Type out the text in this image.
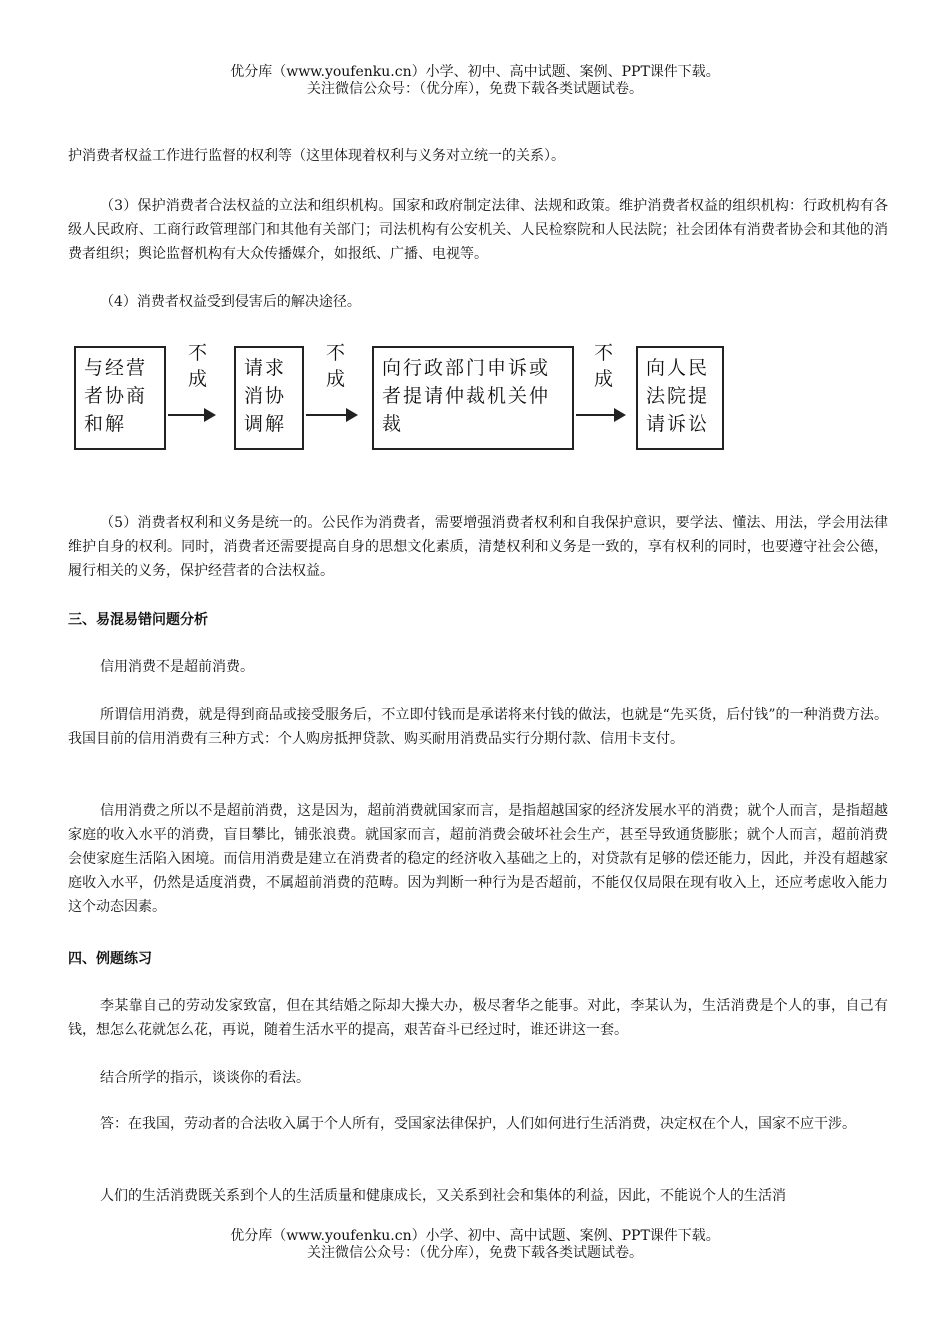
优分库（www.youfenku.cn）小学、初中、高中试题、案例、PPT课件下载。
关注微信公众号：（优分库），免费下载各类试题试卷。

护消费者权益工作进行监督的权利等（这里体现着权利与义务对立统一的关系）。

（3）保护消费者合法权益的立法和组织机构。国家和政府制定法律、法规和政策。维护消费者权益的组织机构：行政机构有各级人民政府、工商行政管理部门和其他有关部门；司法机构有公安机关、人民检察院和人民法院；社会团体有消费者协会和其他的消费者组织；舆论监督机构有大众传播媒介，如报纸、广播、电视等。

（4）消费者权益受到侵害后的解决途径。

与经营者协商和解
不成	请求消协调解
不成	向行政部门申诉或者提请仲裁机关仲裁
不成	向人民法院提请诉讼

（5）消费者权利和义务是统一的。公民作为消费者，需要增强消费者权利和自我保护意识，要学法、懂法、用法，学会用法律维护自身的权利。同时，消费者还需要提高自身的思想文化素质，清楚权利和义务是一致的，享有权利的同时，也要遵守社会公德，履行相关的义务，保护经营者的合法权益。

三、易混易错问题分析

信用消费不是超前消费。

所谓信用消费，就是得到商品或接受服务后，不立即付钱而是承诺将来付钱的做法，也就是“先买货，后付钱”的一种消费方法。我国目前的信用消费有三种方式：个人购房抵押贷款、购买耐用消费品实行分期付款、信用卡支付。

信用消费之所以不是超前消费，这是因为，超前消费就国家而言，是指超越国家的经济发展水平的消费；就个人而言，是指超越家庭的收入水平的消费，盲目攀比，铺张浪费。就国家而言，超前消费会破坏社会生产，甚至导致通货膨胀；就个人而言，超前消费会使家庭生活陷入困境。而信用消费是建立在消费者的稳定的经济收入基础之上的，对贷款有足够的偿还能力，因此，并没有超越家庭收入水平，仍然是适度消费，不属超前消费的范畴。因为判断一种行为是否超前，不能仅仅局限在现有收入上，还应考虑收入能力这个动态因素。

四、例题练习

李某靠自己的劳动发家致富，但在其结婚之际却大操大办，极尽奢华之能事。对此，李某认为，生活消费是个人的事，自己有钱，想怎么花就怎么花，再说，随着生活水平的提高，艰苦奋斗已经过时，谁还讲这一套。

结合所学的指示，谈谈你的看法。

答：在我国，劳动者的合法收入属于个人所有，受国家法律保护，人们如何进行生活消费，决定权在个人，国家不应干涉。

人们的生活消费既关系到个人的生活质量和健康成长，又关系到社会和集体的利益，因此，不能说个人的生活消

优分库（www.youfenku.cn）小学、初中、高中试题、案例、PPT课件下载。
关注微信公众号：（优分库），免费下载各类试题试卷。
